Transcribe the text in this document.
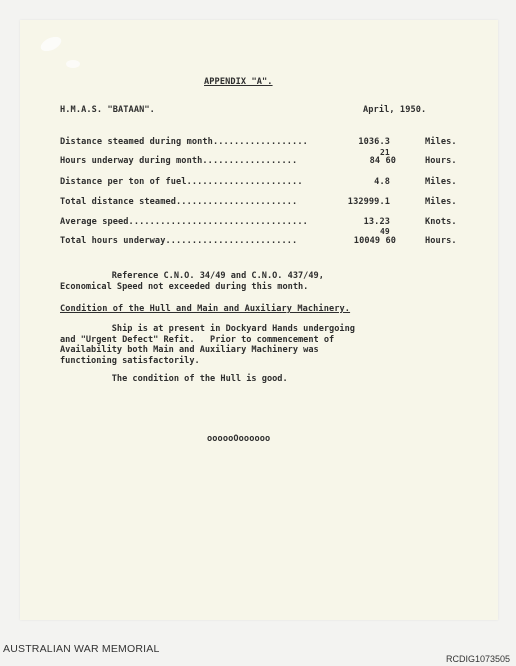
APPENDIX "A".
H.M.A.S. "BATAAN".	April, 1950.
Distance steamed during month..................	1036.3	Miles.
21
Hours underway during month..................	84 60	Hours.
Distance per ton of fuel......................	4.8	Miles.
Total distance steamed.......................	132999.1	Miles.
Average speed..................................	13.23	Knots.
49
Total hours underway.........................	10049 60	Hours.
Reference C.N.O. 34/49 and C.N.O. 437/49,
Economical Speed not exceeded during this month.
Condition of the Hull and Main and Auxiliary Machinery.
Ship is at present in Dockyard Hands undergoing
and "Urgent Defect" Refit.   Prior to commencement of
Availability both Main and Auxiliary Machinery was
functioning satisfactorily.
The condition of the Hull is good.
oooooOoooooo
AUSTRALIAN WAR MEMORIAL
RCDIG1073505
